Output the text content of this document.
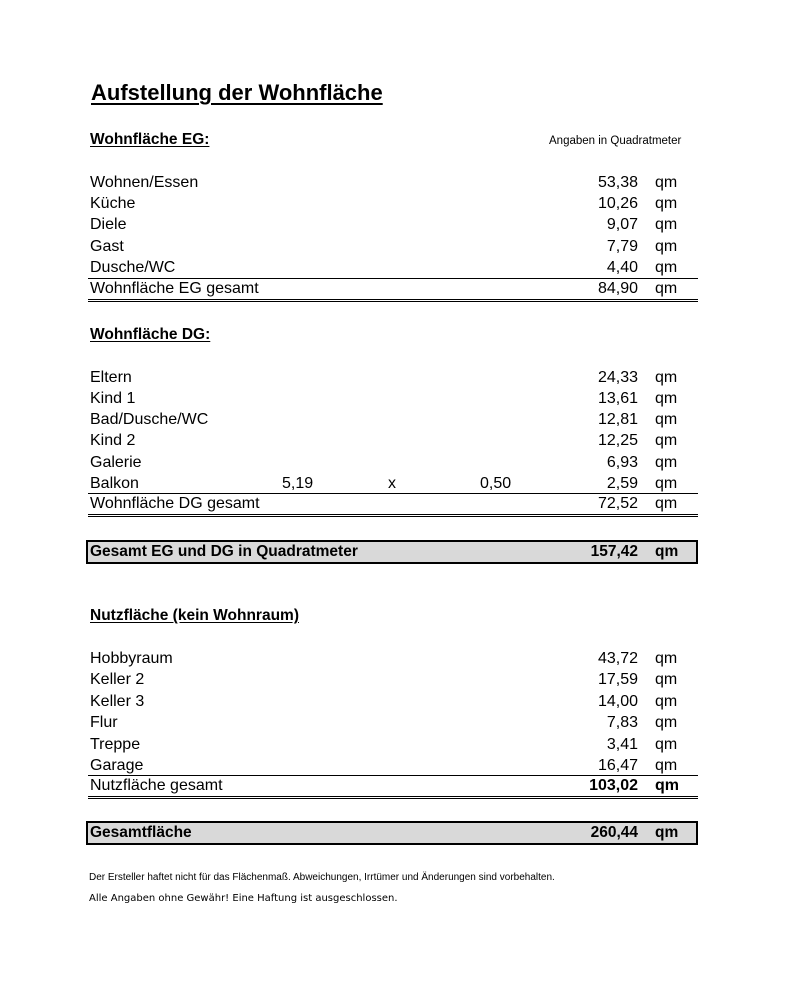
Aufstellung der Wohnfläche
Wohnfläche EG:	Angaben in Quadratmeter
Wohnen/Essen	53,38 qm
Küche	10,26 qm
Diele	9,07 qm
Gast	7,79 qm
Dusche/WC	4,40 qm
Wohnfläche EG gesamt	84,90 qm
Wohnfläche DG:
Eltern	24,33 qm
Kind 1	13,61 qm
Bad/Dusche/WC	12,81 qm
Kind 2	12,25 qm
Galerie	6,93 qm
Balkon	5,19	x	0,50	2,59 qm
Wohnfläche DG gesamt	72,52 qm
Gesamt EG und DG in Quadratmeter	157,42 qm
Nutzfläche (kein Wohnraum)
Hobbyraum	43,72 qm
Keller 2	17,59 qm
Keller 3	14,00 qm
Flur	7,83 qm
Treppe	3,41 qm
Garage	16,47 qm
Nutzfläche gesamt	103,02 qm
Gesamtfläche	260,44 qm
Der Ersteller haftet nicht für das Flächenmaß. Abweichungen, Irrtümer und Änderungen sind vorbehalten.
Alle Angaben ohne Gewähr! Eine Haftung ist ausgeschlossen.
